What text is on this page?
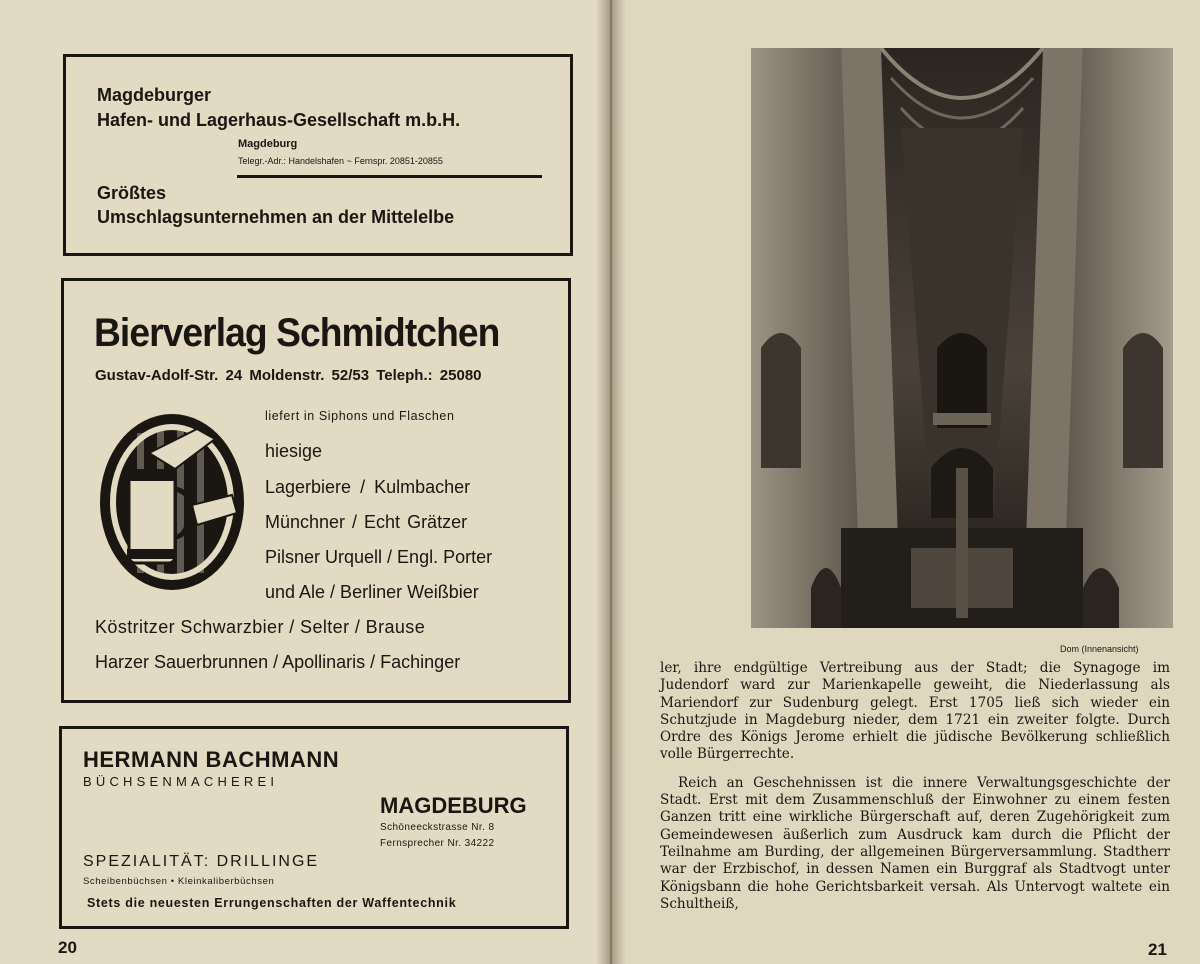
Magdeburger
Hafen- und Lagerhaus-Gesellschaft m.b.H.
Magdeburg
Telegr.-Adr.: Handelshafen ~ Fernspr. 20851-20855
Größtes
Umschlagsunternehmen an der Mittelelbe
Bierverlag Schmidtchen
Gustav-Adolf-Str. 24 Moldenstr. 52/53 Teleph.: 25080
liefert in Siphons und Flaschen
hiesige
Lagerbiere / Kulmbacher
Münchner / Echt Grätzer
Pilsner Urquell / Engl. Porter
und Ale / Berliner Weißbier
Köstritzer Schwarzbier / Selter / Brause
Harzer Sauerbrunnen / Apollinaris / Fachinger
HERMANN BACHMANN
BÜCHSENMACHEREI
MAGDEBURG
Schöneeckstrasse Nr. 8
Fernsprecher Nr. 34222
SPEZIALITÄT: DRILLINGE
Scheibenbüchsen • Kleinkaliberbüchsen
Stets die neuesten Errungenschaften der Waffentechnik
20
Dom (Innenansicht)

ler, ihre endgültige Vertreibung aus der Stadt; die Synagoge im Judendorf ward zur Marienkapelle geweiht, die Niederlassung als Mariendorf zur Sudenburg gelegt. Erst 1705 ließ sich wieder ein Schutzjude in Magdeburg nieder, dem 1721 ein zweiter folgte. Durch Ordre des Königs Jerome erhielt die jüdische Bevölkerung schließlich volle Bürgerrechte.

Reich an Geschehnissen ist die innere Verwaltungsgeschichte der Stadt. Erst mit dem Zusammenschluß der Einwohner zu einem festen Ganzen tritt eine wirkliche Bürgerschaft auf, deren Zugehörigkeit zum Gemeindewesen äußerlich zum Ausdruck kam durch die Pflicht der Teilnahme am Burding, der allgemeinen Bürgerversammlung. Stadtherr war der Erzbischof, in dessen Namen ein Burggraf als Stadtvogt unter Königsbann die hohe Gerichtsbarkeit versah. Als Untervogt waltete ein Schultheiß,

21
